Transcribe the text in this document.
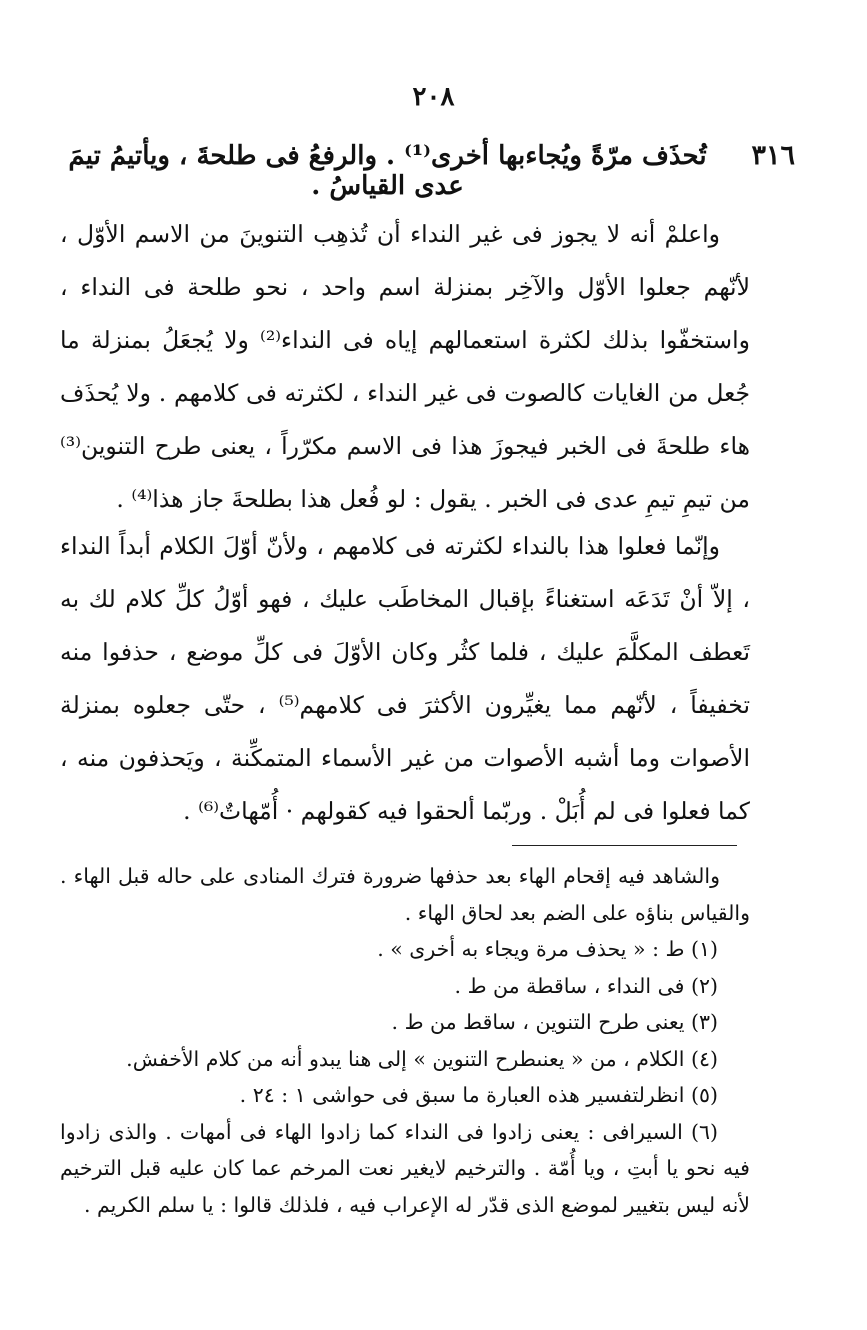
٢٠٨
٣١٦
تُحذَف مرّةً ويُجاءبها أخرى⁽¹⁾ . والرفعُ فى طلحةَ ، ويأتيمُ تيمَ عدى القياسُ .

واعلمْ أنه لا يجوز فى غير النداء أن تُذهِب التنوينَ من الاسم الأوّل ، لأنّهم جعلوا الأوّل والآخِر بمنزلة اسم واحد ، نحو طلحة فى النداء ، واستخفّوا بذلك لكثرة استعمالهم إياه فى النداء⁽²⁾ ولا يُجعَلُ بمنزلة ما جُعل من الغايات كالصوت فى غير النداء ، لكثرته فى كلامهم . ولا يُحذَف هاء طلحةَ فى الخبر فيجوزَ هذا فى الاسم مكرّراً ، يعنى طرح التنوين⁽³⁾ من تيمِ تيمِ عدى فى الخبر . يقول : لو فُعل هذا بطلحةَ جاز هذا⁽⁴⁾ .

وإنّما فعلوا هذا بالنداء لكثرته فى كلامهم ، ولأنّ أوّلَ الكلام أبداً النداء ، إلاّ أنْ تَدَعَه استغناءً بإقبال المخاطَب عليك ، فهو أوّلُ كلِّ كلام لك به تَعطف المكلَّمَ عليك ، فلما كثُر وكان الأوّلَ فى كلِّ موضع ، حذفوا منه تخفيفاً ، لأنّهم مما يغيِّرون الأكثرَ فى كلامهم⁽⁵⁾ ، حتّى جعلوه بمنزلة الأصوات وما أشبه الأصوات من غير الأسماء المتمكِّنة ، ويَحذفون منه ، كما فعلوا فى لم أُبَلْ . وربّما ألحقوا فيه كقولهم · أُمّهاتٌ⁽⁶⁾ .

والشاهد فيه إقحام الهاء بعد حذفها ضرورة فترك المنادى على حاله قبل الهاء . والقياس بناؤه على الضم بعد لحاق الهاء .

(١) ط : « يحذف مرة ويجاء به أخرى » .

(٢) فى النداء ، ساقطة من ط .

(٣) يعنى طرح التنوين ، ساقط من ط .

(٤) الكلام ، من « يعنىطرح التنوين » إلى هنا يبدو أنه من كلام الأخفش.

(٥) انظرلتفسير هذه العبارة ما سبق فى حواشى ١ : ٢٤ .

(٦) السيرافى : يعنى زادوا فى النداء كما زادوا الهاء فى أمهات . والذى زادوا فيه نحو يا أبتِ ، ويا أُمّة . والترخيم لايغير نعت المرخم عما كان عليه قبل الترخيم لأنه ليس بتغيير لموضع الذى قدّر له الإعراب فيه ، فلذلك قالوا : يا سلم الكريم .
